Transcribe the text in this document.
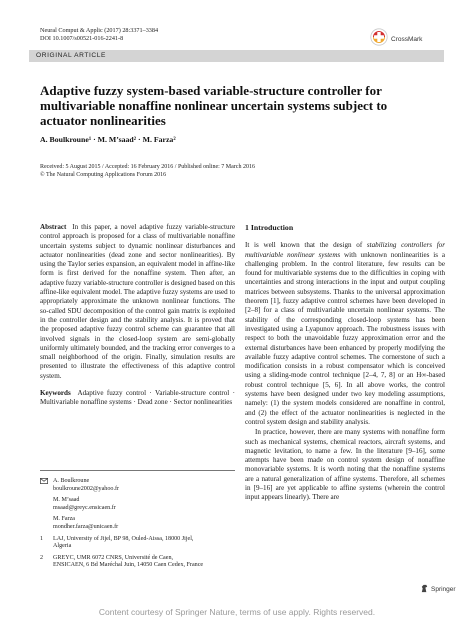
Neural Comput & Applic (2017) 28:3371–3384
DOI 10.1007/s00521-016-2241-8	CrossMark
ORIGINAL ARTICLE
Adaptive fuzzy system-based variable-structure controller for multivariable nonaffine nonlinear uncertain systems subject to actuator nonlinearities
A. Boulkroune¹ · M. M’saad² · M. Farza²
Received: 5 August 2015 / Accepted: 16 February 2016 / Published online: 7 March 2016
© The Natural Computing Applications Forum 2016

Abstract In this paper, a novel adaptive fuzzy variable-structure control approach is proposed for a class of multivariable nonaffine uncertain systems subject to dynamic nonlinear disturbances and actuator nonlinearities (dead zone and sector nonlinearities). By using the Taylor series expansion, an equivalent model in affine-like form is first derived for the nonaffine system. Then after, an adaptive fuzzy variable-structure controller is designed based on this affine-like equivalent model. The adaptive fuzzy systems are used to appropriately approximate the unknown nonlinear functions. The so-called SDU decomposition of the control gain matrix is exploited in the controller design and the stability analysis. It is proved that the proposed adaptive fuzzy control scheme can guarantee that all involved signals in the closed-loop system are semi-globally uniformly ultimately bounded, and the tracking error converges to a small neighborhood of the origin. Finally, simulation results are presented to illustrate the effectiveness of this adaptive control system.

Keywords Adaptive fuzzy control · Variable-structure control · Multivariable nonaffine systems · Dead zone · Sector nonlinearities

A. Boulkroune
boulkroune2002@yahoo.fr
M. M’saad
msaad@greyc.ensicaen.fr
M. Farza
mondher.farza@unicaen.fr
1	LAJ, University of Jijel, BP 98, Ouled-Aissa, 18000 Jijel,
Algeria
2	GREYC, UMR 6072 CNRS, Université de Caen,
ENSICAEN, 6 Bd Maréchal Juin, 14050 Caen Cedex, France
1 Introduction

It is well known that the design of stabilizing controllers for multivariable nonlinear systems with unknown nonlinearities is a challenging problem. In the control literature, few results can be found for multivariable systems due to the difficulties in coping with uncertainties and strong interactions in the input and output coupling matrices between subsystems. Thanks to the universal approximation theorem [1], fuzzy adaptive control schemes have been developed in [2–8] for a class of multivariable uncertain nonlinear systems. The stability of the corresponding closed-loop systems has been investigated using a Lyapunov approach. The robustness issues with respect to both the unavoidable fuzzy approximation error and the external disturbances have been enhanced by properly modifying the available fuzzy adaptive control schemes. The cornerstone of such a modification consists in a robust compensator which is conceived using a sliding-mode control technique [2–4, 7, 8] or an H∞-based robust control technique [5, 6]. In all above works, the control systems have been designed under two key modeling assumptions, namely: (1) the system models considered are nonaffine in control, and (2) the effect of the actuator nonlinearities is neglected in the control system design and stability analysis.

In practice, however, there are many systems with nonaffine form such as mechanical systems, chemical reactors, aircraft systems, and magnetic levitation, to name a few. In the literature [9–16], some attempts have been made on control system design of nonaffine monovariable systems. It is worth noting that the nonaffine systems are a natural generalization of affine systems. Therefore, all schemes in [9–16] are yet applicable to affine systems (wherein the control input appears linearly). There are

Springer
Content courtesy of Springer Nature, terms of use apply. Rights reserved.
